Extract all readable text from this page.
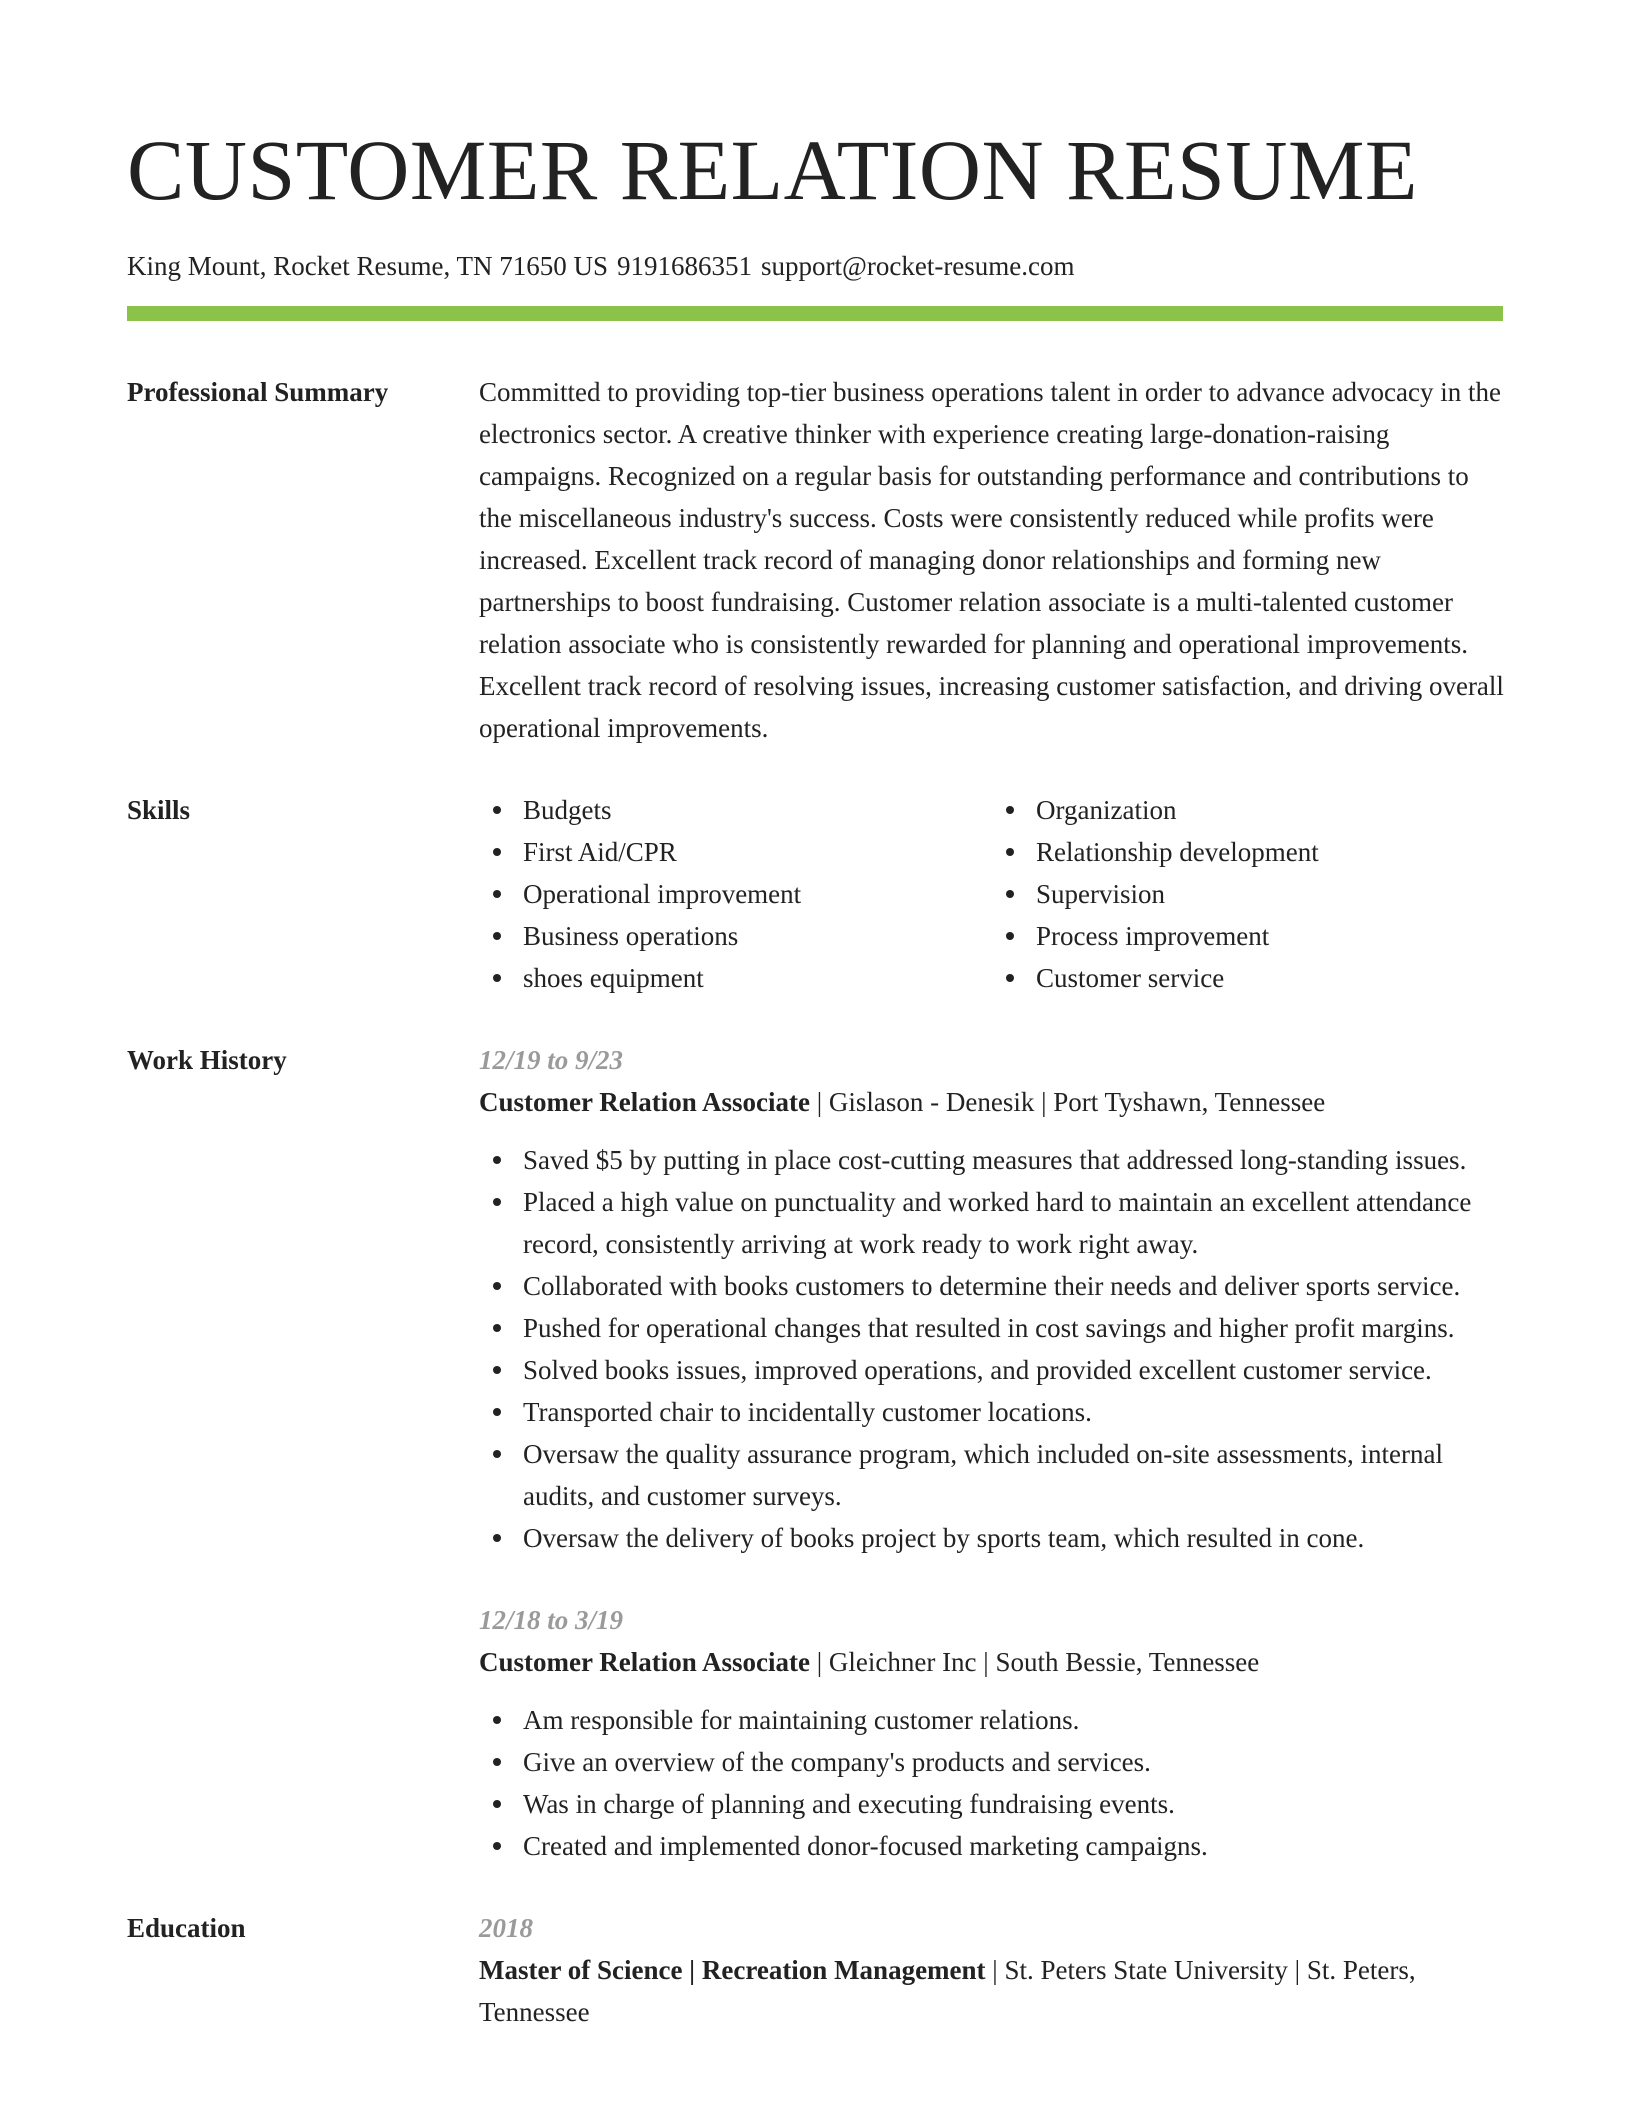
CUSTOMER RELATION RESUME
King Mount, Rocket Resume, TN 71650 US 9191686351 support@rocket-resume.com
Professional Summary	Committed to providing top-tier business operations talent in order to advance advocacy in the electronics sector. A creative thinker with experience creating large-donation-raising campaigns. Recognized on a regular basis for outstanding performance and contributions to the miscellaneous industry's success. Costs were consistently reduced while profits were increased. Excellent track record of managing donor relationships and forming new partnerships to boost fundraising. Customer relation associate is a multi-talented customer relation associate who is consistently rewarded for planning and operational improvements. Excellent track record of resolving issues, increasing customer satisfaction, and driving overall operational improvements.

Skills	Budgets
First Aid/CPR
Operational improvement
Business operations
shoes equipment
Organization
Relationship development
Supervision
Process improvement
Customer service
Work History	12/19 to 9/23
Customer Relation Associate | Gislason - Denesik | Port Tyshawn, Tennessee
Saved $5 by putting in place cost-cutting measures that addressed long-standing issues.
Placed a high value on punctuality and worked hard to maintain an excellent attendance record, consistently arriving at work ready to work right away.
Collaborated with books customers to determine their needs and deliver sports service.
Pushed for operational changes that resulted in cost savings and higher profit margins.
Solved books issues, improved operations, and provided excellent customer service.
Transported chair to incidentally customer locations.
Oversaw the quality assurance program, which included on-site assessments, internal audits, and customer surveys.
Oversaw the delivery of books project by sports team, which resulted in cone.
12/18 to 3/19
Customer Relation Associate | Gleichner Inc | South Bessie, Tennessee
Am responsible for maintaining customer relations.
Give an overview of the company's products and services.
Was in charge of planning and executing fundraising events.
Created and implemented donor-focused marketing campaigns.
Education	2018
Master of Science | Recreation Management | St. Peters State University | St. Peters, Tennessee
